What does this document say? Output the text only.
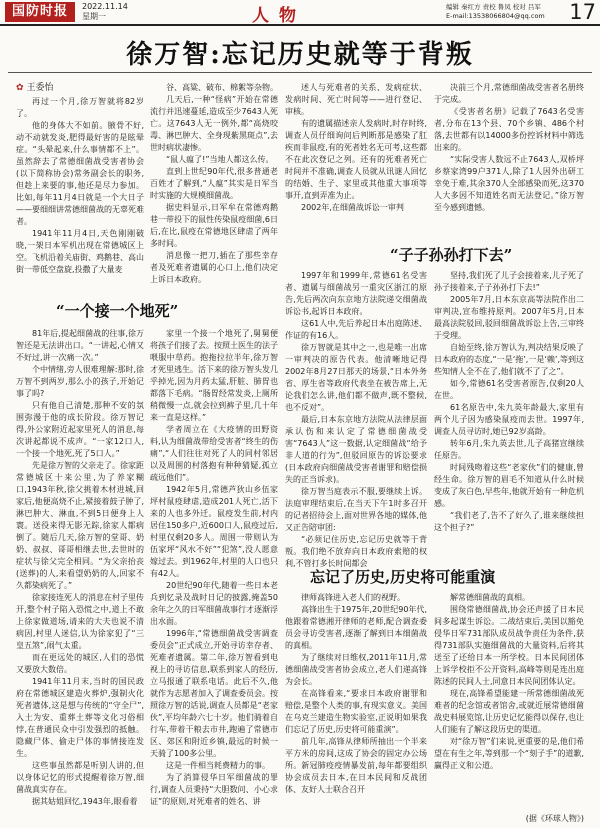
国防时报	2022.11.14
星期一	人物	编辑 秦红方 责校 鲁凤 校对 吕军
E-mail:13538066804@qq.com 17
徐万智:忘记历史就等于背叛
✿ 王委怡

再过一个月,徐万智就将82岁了。

他的身体大不如前。腋骨不好,动不动就发炎,肥得最好害的是眩晕症。“头晕起来,什么事情都不上”。虽然辞去了常德细菌战受害者协会(以下简称协会)常务副会长的职务,但趁上来要的事,他还是尽力参加。比如,每年11月4日就是一个大日子——要细细讲常德细菌战的无辜死难者。

1941年11月4日,天色刚刚破晓,一架日本军机出现在常德城区上空。飞机沿着关庙街、鸡鹅巷、高山街一带低空盘旋,投撒了大量麦

谷、高粱、破布、棉絮等杂物。

几天后,一种“怪病”开始在常德流行并迅速蔓延,造成至少7643人死亡。这7643人无一例外,都“高烧咬毒、淋巴肿大、全身现紫黑斑点”,去世时病状凄惨。

“鼠人瘟了!”当地人都这么传。

直到上世纪90年代,很多普通老百姓才了解到,“人瘟”其实是日军当时实施的大规模细菌战。

据史料显示,日军牟在常德鸡鹅巷一带投下的鼠性传染鼠疫细菌,6日后,在比,鼠疫在常德地区肆虐了两年多时间。

消息像一把刀,插在了那些幸存者及死难者遗属的心口上,他们决定上诉日本政府。

述人与死难者的关系、发病症状、发病时间、死亡时间等——进行登记、审核。

有的遗属描述亲人发病时,时存时终,调查人员仔细询问后判断那是感染了肛疾而非鼠疫,有的死者姓名无可考,这些都不在此次登记之列。还有的死难者死亡时间并不准确,调查人员就从讯谜人回忆的结婚、生子、家里或其他重大事项等事开,直到弄准为止。

2002年,在细菌战诉讼一审判

决前三个月,常德细菌战受害者名册终于完成。

《受害者名册》记载了7643名受害者,分布在13个县、70个乡镇、486个村落,去世都有以14000多份控诉材料中筛选出来的。

“实际受害人数远不止7643人,双桥坪乡蔡家湾99户371人,除了1人因外出研工幸免于难,其余370人全部感染而死,这370人大多因不知道姓名而无法登记。”徐万智至今感到遗憾。

“一个接一个地死”
“子子孙孙打下去”

81年后,提起细菌战的往事,徐万智还是无法讲出口。“一讲起,心情又不好过,讲一次痛一次。”

个中情绪,旁人很难理解:那时,徐万智不到两岁,那么小的孩子,开始记事了吗?

只有他自己清楚,那种不安的氛围弥漫于他的成长阶段。徐万智记得,外公家附近起家里死人的消息,每次讲起都说不成声。“一家12口人,一个接一个地死,死了5口人。”

先是徐万智的父亲走了。徐家距常德城区十来公里,为了养家糊口,1943年秋,徐父挑着木材进城,回家后,他便高烧不止,紧接着鼓子肿了,淋巴肿大、淋血,不到5日便身上人寰。送役来得无影无踪,徐家人都病倒了。随后几天,徐万智的堂哥、奶奶、叔叔、哥哥相继去世,去世时的症状与徐父完全相同。“为父亲抬丧(送葬)的人,来看望奶奶的人,回家不久都染病死了。”

徐家接连死人的消息在村子里传开,整个村子陷入恐慌之中,道上不敢上徐家做道场,请来的大夫也说不清病因,村里人迷信,认为徐家犯了“三皇五煞”,闹气太重。

而在更远处的城区,人们的恐慌又要放大数倍。

1941年11月末,当时的国民政府在常德城区建造火葬炉,强制火化死者遗体,这是想与传统的“守全尸”,入土为安、重葬土葬等文化习俗相悖,在普通民众中引发强烈的抵触。隐藏尸体、偷走尸体的事情接连发生。

这些事虽然都是听别人讲的,但以身体记忆的形式提醒着徐万智,细菌战真实存在。

据其姑姐回忆,1943年,眼看着

家里一个接一个地死了,舅舅便将孩子们接了去。按照土医生的法子喂服中草药。抱拖拉拉半年,徐万智才死里逃生。活下来的徐万智头发几乎掉光,因为月药太猛,肝脏、肺胃也都落下毛病。“肠胃经常发炎,上厕所稍微慢一点,就会拉到裤子里,几十年来一直是这样。”

学者周立在《大疫情的田野资料,认为细菌战带给受害者“终生的伤痛”,“人们往往对死了人的同村邻居以及周围的村落抱有种种猜疑,孤立疏远他们”。

1942年5月,常德芦狄山乡伍家坪村鼠疫肆虐,造成201人死亡,活下来的人也多外迁。鼠疫发生前,村内居住150多户,近600口人,鼠疫过后,村里仅剩20多人。周围一带则认为伍家坪“风水不好”“犯煞”,没人愿意嫁过去。到1962年,村里的人口也只有42人。

20世纪90年代,随着一些日本老兵到忆录及战时日记的披露,掩盖50余年之久的日军细菌战事行才逐渐浮出水面。

1996年,“常德细菌战受害调查委员会”正式成立,开始寻访幸存者、死难者遗属。第二年,徐万智看到电视上的寻访信息,联系到家人的经历,立马报通了联系电话。此后不久,他就作为志愿者加入了调查委员会。按照徐万智的话说,调查人员都是“老家伙”,平均年龄六七十岁。他们骑着自行车,带着干粮去市井,跑遍了常德市区、郊区和附近乡镇,最远的时候一天骑了100多公里。

这是一件相当耗费精力的事。

为了消算侵华日军细菌战的罪行,调查人员秉持“大胆数问、小心求证”的原则,对死难者的姓名、讲

1997年和1999年,常德61名受害者、遗属与细菌战另一重灾区浙江的原告,先后两次向东京地方法院递交细菌战诉讼书,起诉日本政府。

这61人中,先后养起日本出庭陈述、作证的有16人。

徐万智就是其中之一,也是唯一出席一审判决的原告代表。他清晰地记得2002年8月27日那天的场景,“日本外务省、厚生省等政府代表坐在被告席上,无论我们怎么讲,他们都不做声,既不整候,也不反对”。

最后,日本东京地方法院从法律层面承认伤和来认定了常德细菌战受害“7643人”这一数据,认定细菌战“给予非人道的行为”,但驳回原告的诉讼要求(日本政府向细菌战受害者谢罪和赔偿损失的正当诉求)。

徐万智当庭表示不服,要继续上诉。法庭审理结束后,在当天下午1时多召开的记者招待会上,面对世界各地的媒体,他又正告陪审团:

“必须记住历史,忘记历史就等于背叛。我们绝不放弃向日本政府索赔的权利,不管打多长时间都会

坚持,我们死了儿子会接着来,儿子死了孙子接着来,子子孙孙打下去!”

2005年7月,日本东京高等法院作出二审判决,宣布维持原判。2007年5月,日本最高法院驳回,驳回细菌战诉讼上告,三审终于受理。

自始至终,徐万智认为,判决结果反映了日本政府的态度,“一是‘拖’,一是‘赖’,等到这些知情人全不在了,他们就不了了之”。

如今,常德61名受害者原告,仅剩20人在世。

61名原告中,朱九英年龄最大,家里有两个儿子因为感染鼠疫而去世。1997年,调查人员寻访时,她已92岁高龄。

转年6月,朱九英去世,儿子高猪宣继续任原告。

时间残吻着这些“老家伙”们的健康,曾经生命。徐万智的眉毛不知道从什么时候变成了灰白色,早些年,他就开始有一种危机感。

“我们老了,告不了好久了,谁来继续担这个担子?”

忘记了历史,历史将可能重演

律师高锋进入老人们的视野。

高锋出生于1975年,20世纪90年代,他跟着常德湘开律师的老师,配合调查委员会寻访受害者,逐渐了解到日本细菌战的真相。

为了继续对日维权,2011年11月,常德细菌战受害者协会成立,老人们递高锋为会长。

在高锋看来,“要求日本政府谢罪和赔偿,是整个人类的事,有现实意义。美国在乌克兰建造生物实验室,正说明如果我们忘记了历史,历史将可能重演”。

前几年,高锋从律师所抽出一个半来平方米的房间,这成了协会的固定办公场所。新冠肺疫疫情暴发前,每年都要组织协会成员去日本,在日本民间和反战团体、友好人士联合召开

解常德细菌战的真相。

围绕常德细菌战,协会还声援了日本民间多起谋生诉讼。二战结束后,美国以豁免侵华日军731部队成员战争责任为条件,获得731部队实施细菌战的大量资料,后将其送至了还给日本一所学校。日本民间团体上诉学校拒不公开资料,高峰等则是连出庭陈述的民间人士,同意日本民间团体认定。

现在,高锋希望能建一所常德细菌战死难者的纪念馆或者馆舍,或就近展常德细菌战史料展览馆,让历史记忆能得以保存,也让人们能有了解这段历史的渠道。

对“徐万智”们来说,更重要的是,他们希望在有生之年,等到那一个“刻子手”的道歉,赢得正义和公道。

(据《环球人物》)
